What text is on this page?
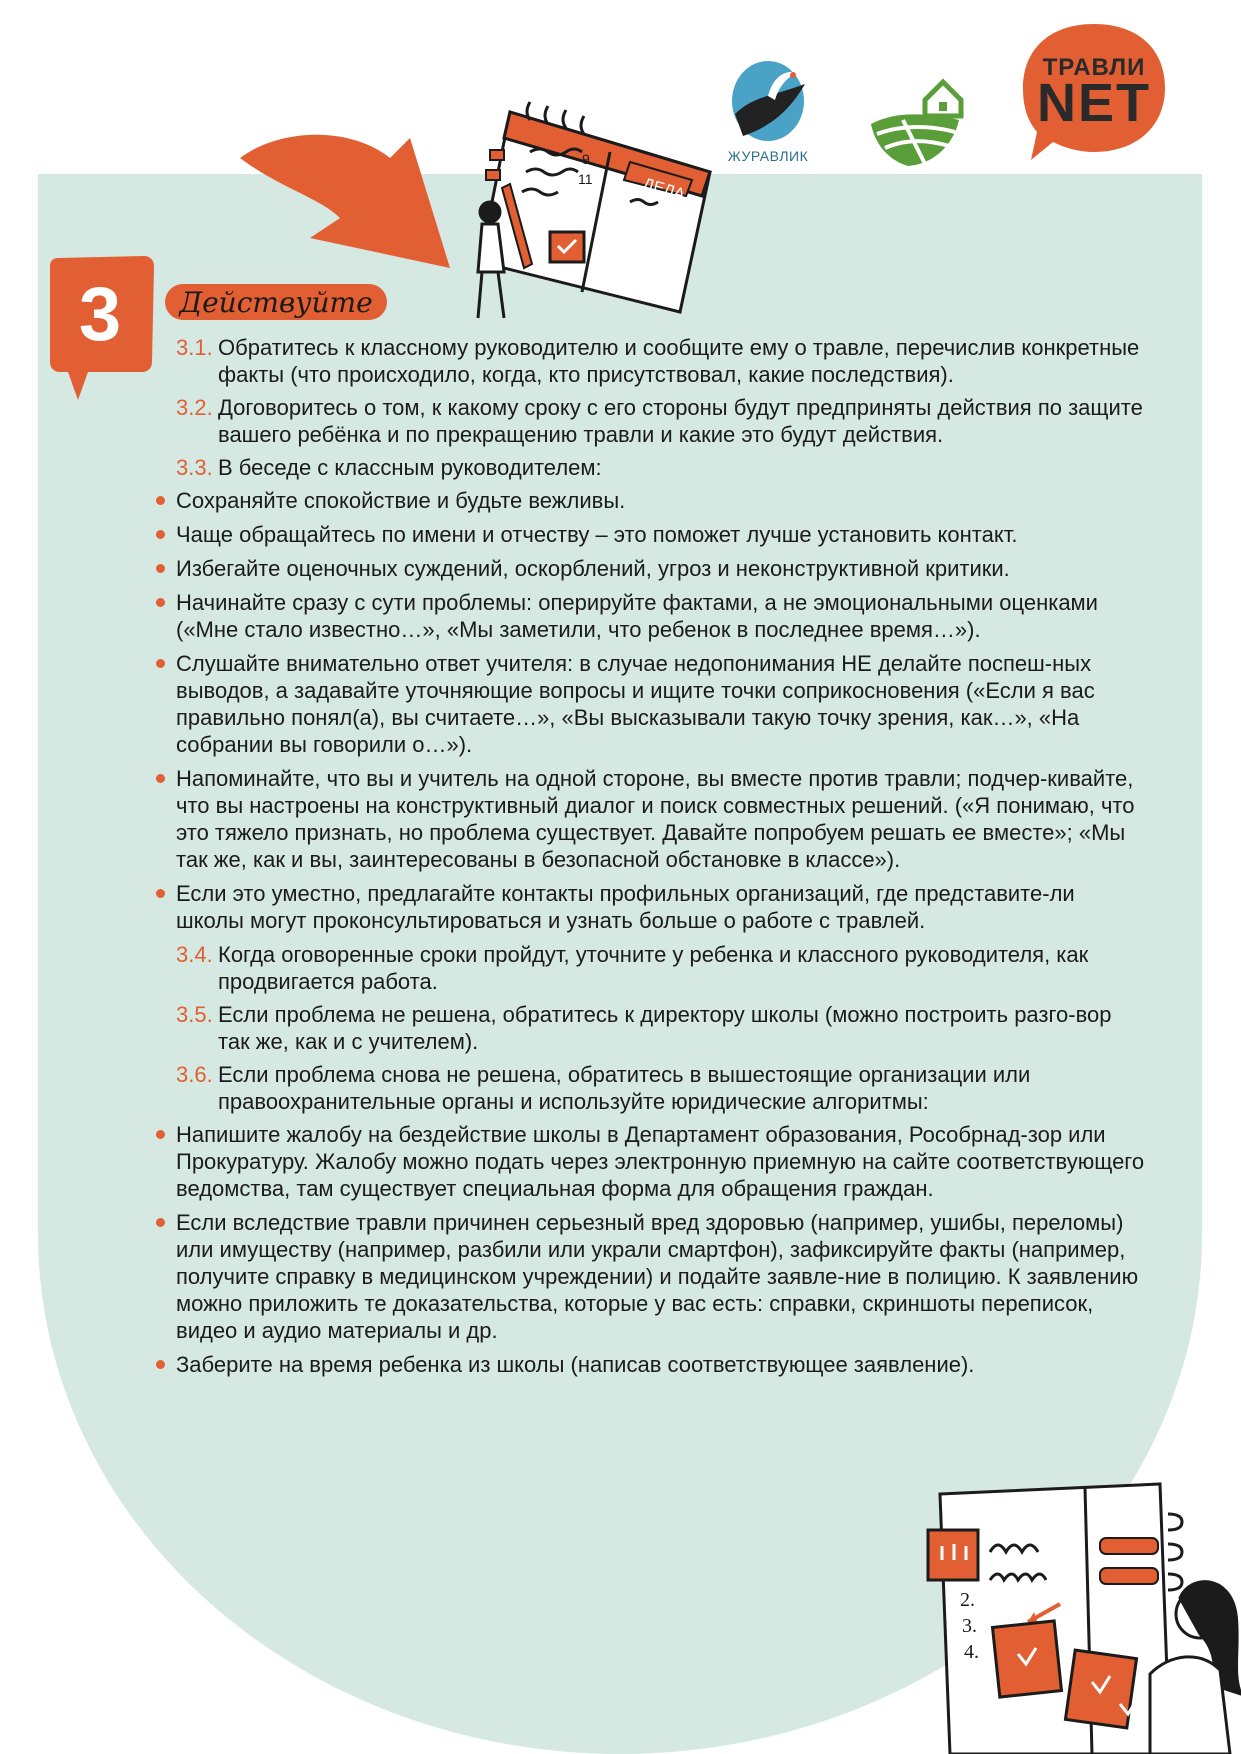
ЖУРАВЛИК
ТРАВЛИ
NET
ДЕЛА
9
11
3	Действуйте
3.1. Обратитесь к классному руководителю и сообщите ему о травле, перечислив конкретные факты (что происходило, когда, кто присутствовал, какие последствия).
3.2. Договоритесь о том, к какому сроку с его стороны будут предприняты действия по защите вашего ребёнка и по прекращению травли и какие это будут действия.
3.3. В беседе с классным руководителем:
Сохраняйте спокойствие и будьте вежливы.
Чаще обращайтесь по имени и отчеству – это поможет лучше установить контакт.
Избегайте оценочных суждений, оскорблений, угроз и неконструктивной критики.
Начинайте сразу с сути проблемы: оперируйте фактами, а не эмоциональными оценками («Мне стало известно…», «Мы заметили, что ребенок в последнее время…»).
Слушайте внимательно ответ учителя: в случае недопонимания НЕ делайте поспеш-ных выводов, а задавайте уточняющие вопросы и ищите точки соприкосновения («Если я вас правильно понял(а), вы считаете…», «Вы высказывали такую точку зрения, как…», «На собрании вы говорили о…»).
Напоминайте, что вы и учитель на одной стороне, вы вместе против травли; подчер-кивайте, что вы настроены на конструктивный диалог и поиск совместных решений. («Я понимаю, что это тяжело признать, но проблема существует. Давайте попробуем решать ее вместе»; «Мы так же, как и вы, заинтересованы в безопасной обстановке в классе»).
Если это уместно, предлагайте контакты профильных организаций, где представите-ли школы могут проконсультироваться и узнать больше о работе с травлей.
3.4. Когда оговоренные сроки пройдут, уточните у ребенка и классного руководителя, как продвигается работа.
3.5. Если проблема не решена, обратитесь к директору школы (можно построить разго-вор так же, как и с учителем).
3.6. Если проблема снова не решена, обратитесь в вышестоящие организации или правоохранительные органы и используйте юридические алгоритмы:
Напишите жалобу на бездействие школы в Департамент образования, Рособрнад-зор или Прокуратуру. Жалобу можно подать через электронную приемную на сайте соответствующего ведомства, там существует специальная форма для обращения граждан.
Если вследствие травли причинен серьезный вред здоровью (например, ушибы, переломы) или имуществу (например, разбили или украли смартфон), зафиксируйте факты (например, получите справку в медицинском учреждении) и подайте заявле-ние в полицию. К заявлению можно приложить те доказательства, которые у вас есть: справки, скриншоты переписок, видео и аудио материалы и др.
Заберите на время ребенка из школы (написав соответствующее заявление).
2.
3.
4.
